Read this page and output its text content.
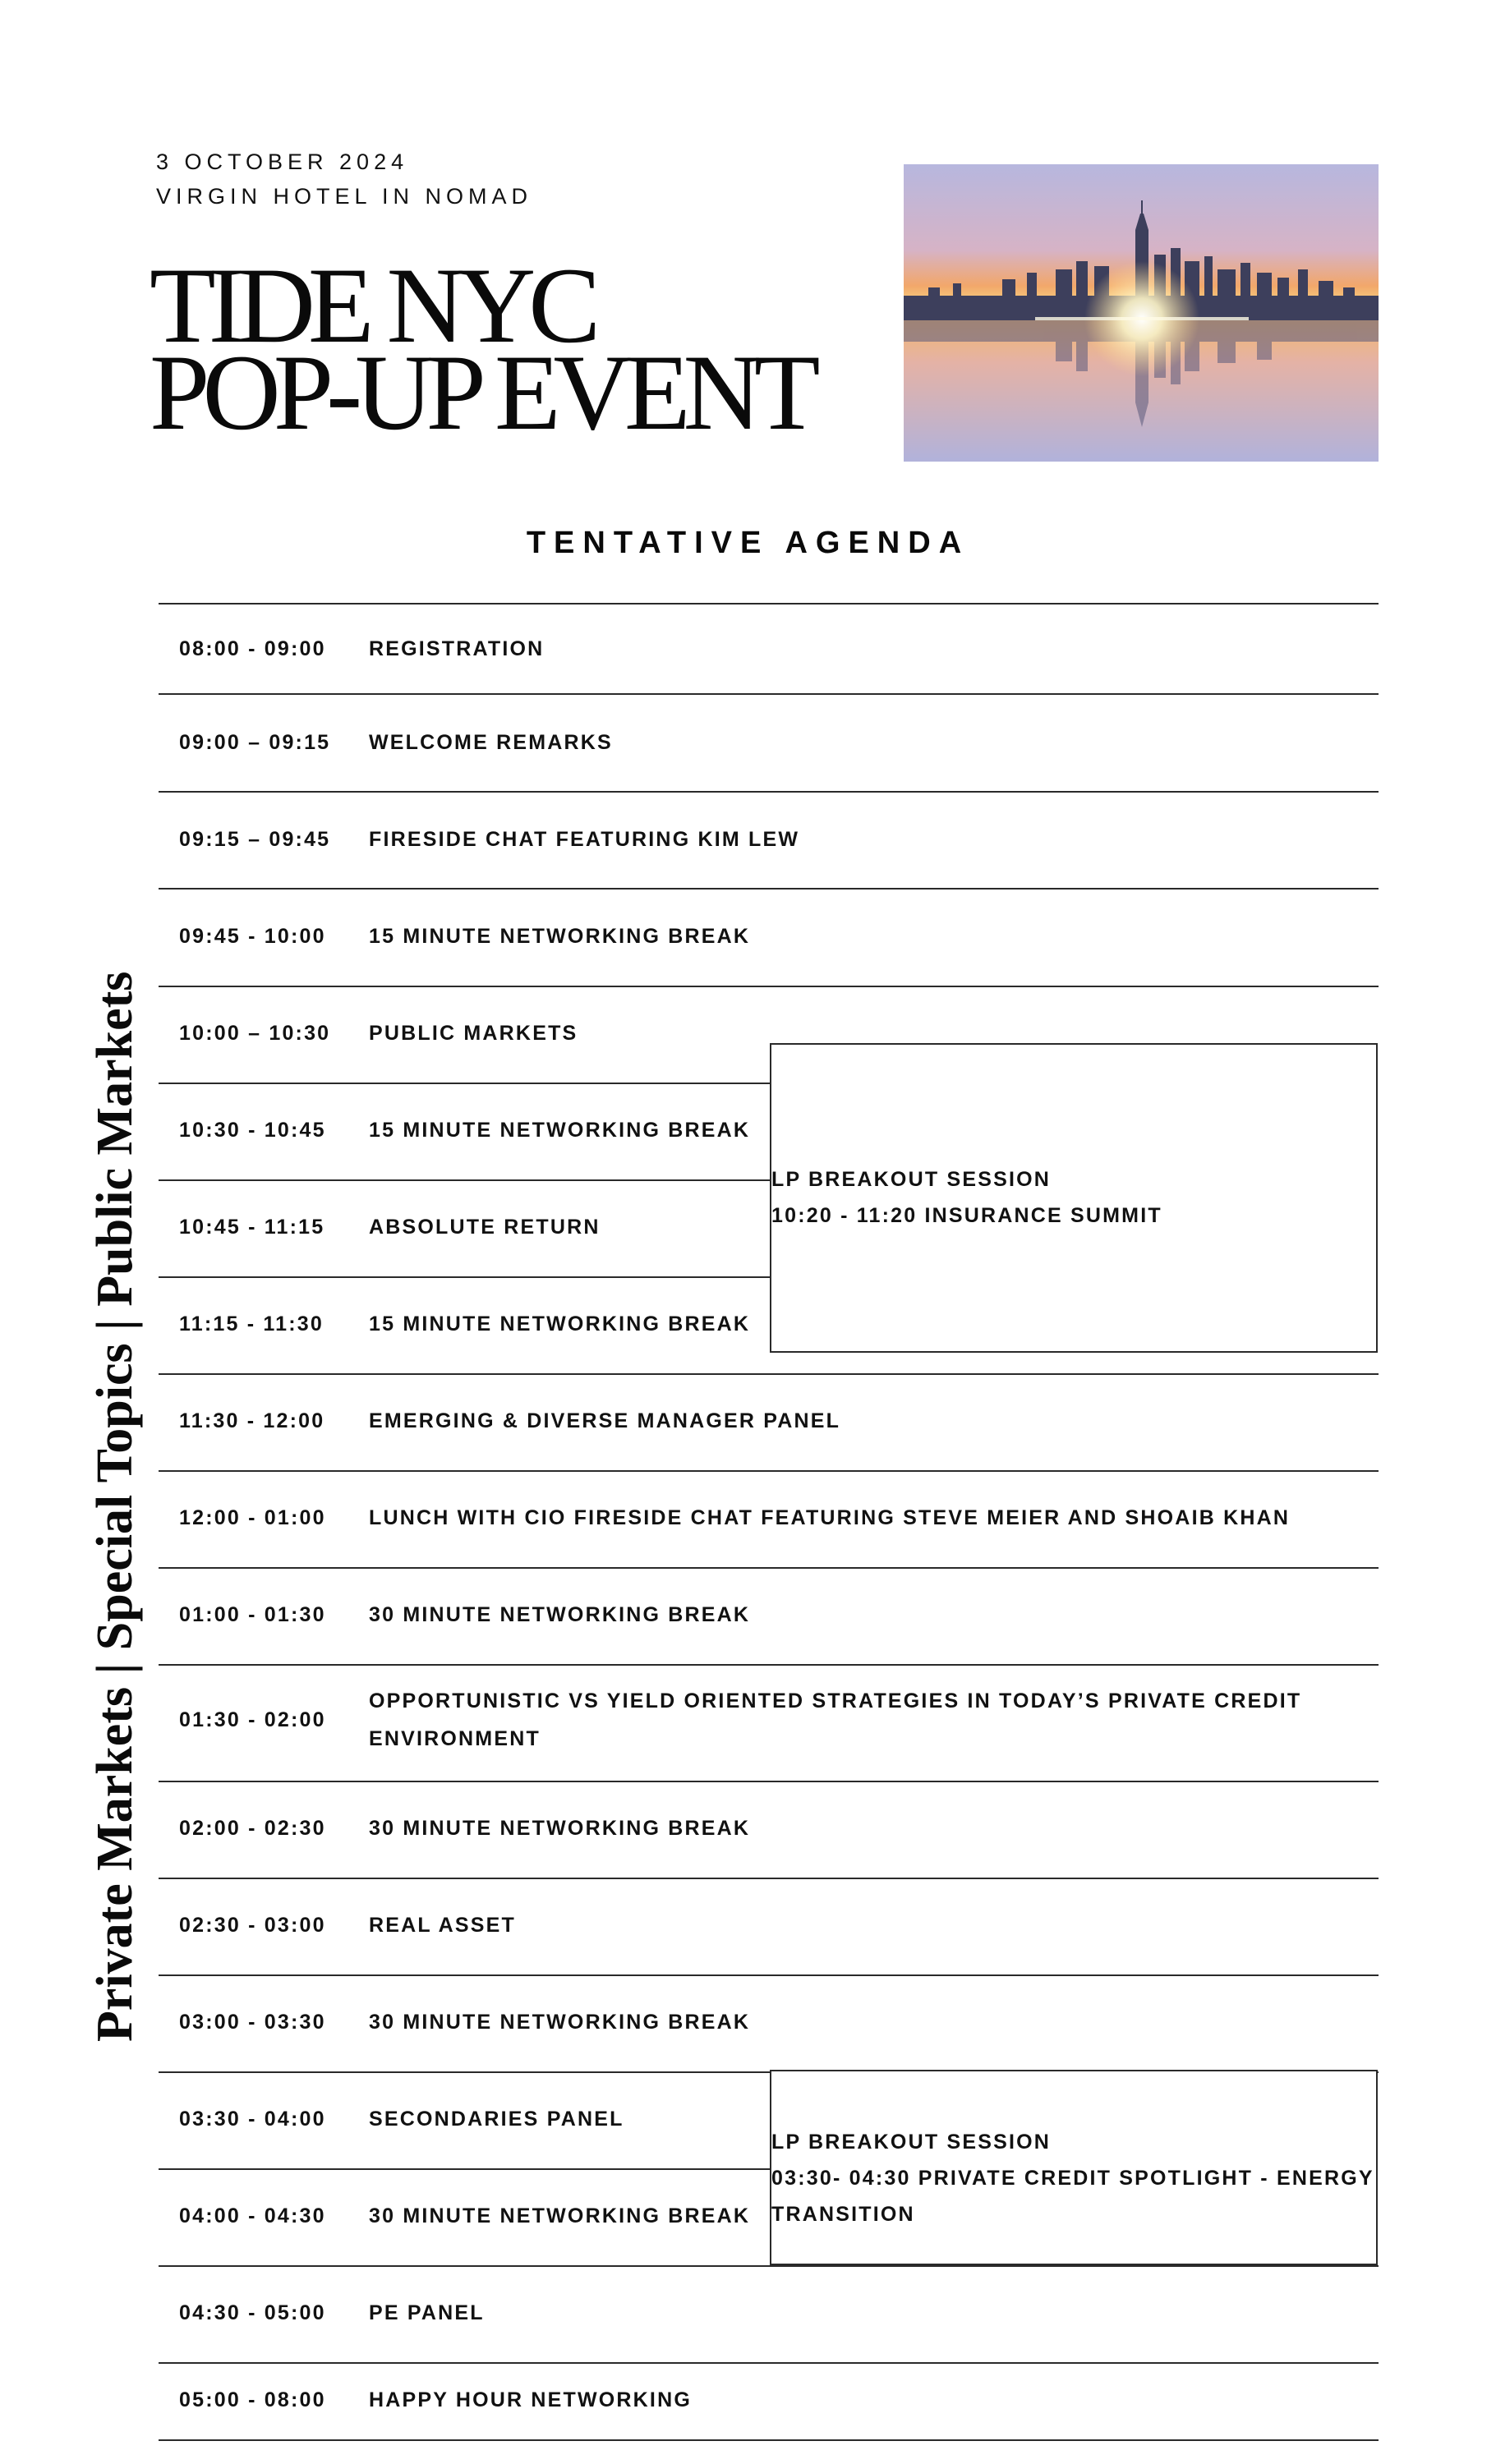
3 OCTOBER 2024
VIRGIN HOTEL IN NOMAD
TIDE NYC
POP-UP EVENT
TENTATIVE AGENDA
08:00 - 09:00 REGISTRATION
09:00 – 09:15 WELCOME REMARKS
09:15 – 09:45 FIRESIDE CHAT FEATURING KIM LEW
09:45 - 10:00 15 MINUTE NETWORKING BREAK
10:00 – 10:30 PUBLIC MARKETS
10:30 - 10:45 15 MINUTE NETWORKING BREAK
10:45 - 11:15 ABSOLUTE RETURN
11:15 - 11:30 15 MINUTE NETWORKING BREAK
11:30 - 12:00 EMERGING & DIVERSE MANAGER PANEL
12:00 - 01:00 LUNCH WITH CIO FIRESIDE CHAT FEATURING STEVE MEIER AND SHOAIB KHAN
01:00 - 01:30 30 MINUTE NETWORKING BREAK
01:30 - 02:00
OPPORTUNISTIC VS YIELD ORIENTED STRATEGIES IN TODAY’S PRIVATE CREDIT ENVIRONMENT
02:00 - 02:30 30 MINUTE NETWORKING BREAK
02:30 - 03:00 REAL ASSET
03:00 - 03:30 30 MINUTE NETWORKING BREAK
03:30 - 04:00 SECONDARIES PANEL
04:00 - 04:30 30 MINUTE NETWORKING BREAK
04:30 - 05:00 PE PANEL
05:00 - 08:00 HAPPY HOUR NETWORKING
LP BREAKOUT SESSION
10:20 - 11:20 INSURANCE SUMMIT
LP BREAKOUT SESSION
03:30- 04:30 PRIVATE CREDIT SPOTLIGHT - ENERGY TRANSITION
Private Markets | Special Topics | Public Markets
